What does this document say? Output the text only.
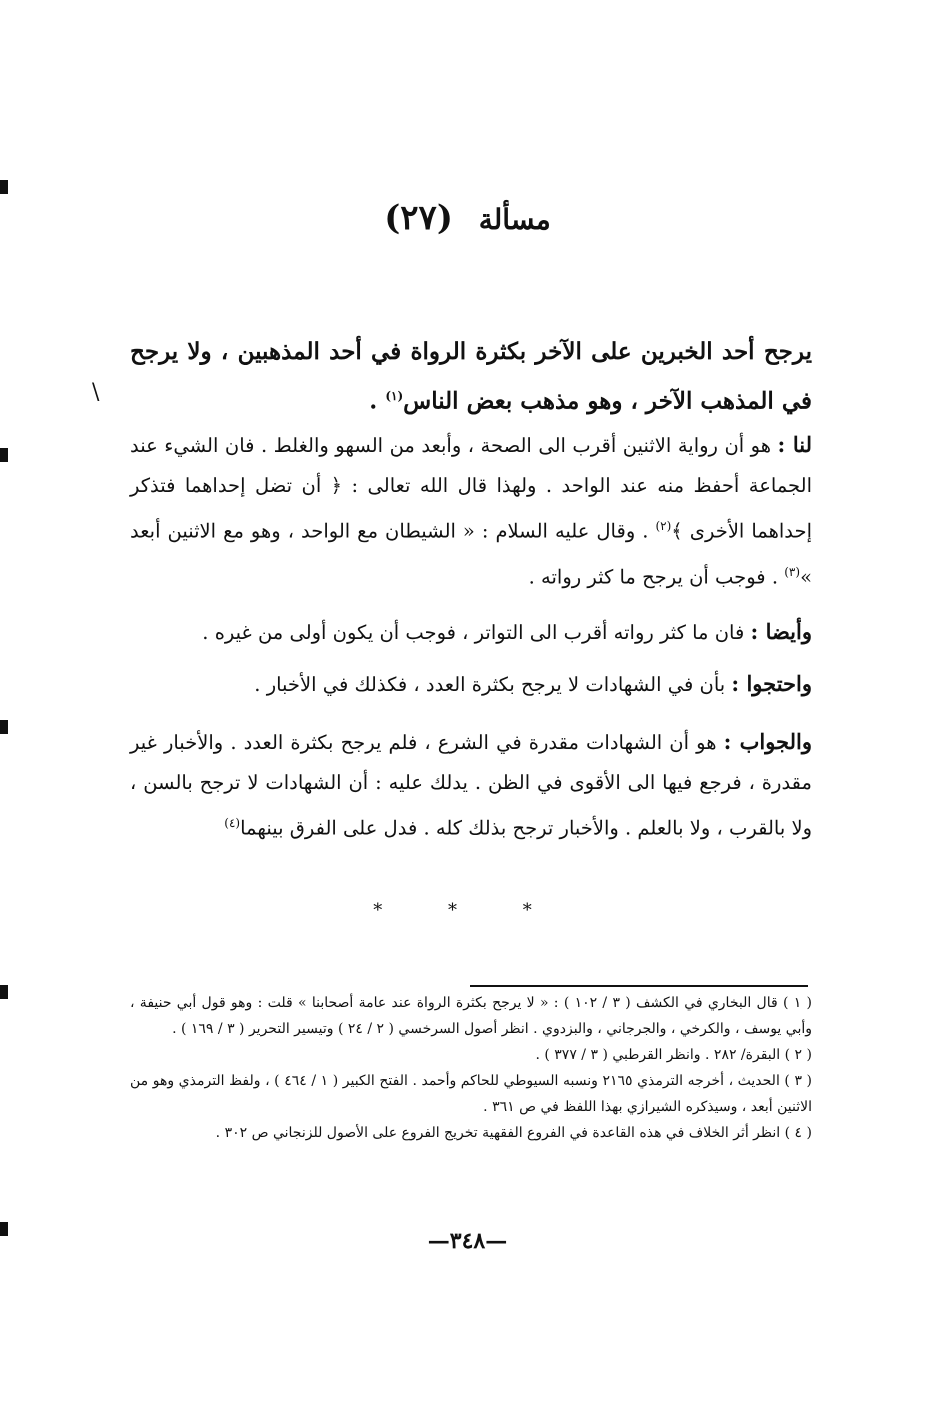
\
مسألة (٢٧)
يرجح أحد الخبرين على الآخر بكثرة الرواة في أحد المذهبين ، ولا يرجح في المذهب الآخر ، وهو مذهب بعض الناس$^{(١)}$ .
لنا : هو أن رواية الاثنين أقرب الى الصحة ، وأبعد من السهو والغلط . فان الشيء عند الجماعة أحفظ منه عند الواحد . ولهذا قال الله تعالى : ﴿ أن تضل إحداهما فتذكر إحداهما الأخرى ﴾$^{(٢)}$ . وقال عليه السلام : « الشيطان مع الواحد ، وهو مع الاثنين أبعد »$^{(٣)}$ . فوجب أن يرجح ما كثر رواته .
وأيضا : فان ما كثر رواته أقرب الى التواتر ، فوجب أن يكون أولى من غيره .
واحتجوا : بأن في الشهادات لا يرجح بكثرة العدد ، فكذلك في الأخبار .
والجواب : هو أن الشهادات مقدرة في الشرع ، فلم يرجح بكثرة العدد . والأخبار غير مقدرة ، فرجع فيها الى الأقوى في الظن . يدلك عليه : أن الشهادات لا ترجح بالسن ، ولا بالقرب ، ولا بالعلم . والأخبار ترجح بذلك كله . فدل على الفرق بينهما$^{(٤)}$
* * *

( ١ ) قال البخاري في الكشف ( ٣ / ١٠٢ ) : « لا يرجح بكثرة الرواة عند عامة أصحابنا » قلت : وهو قول أبي حنيفة ، وأبي يوسف ، والكرخي ، والجرجاني ، والبزدوي . انظر أصول السرخسي ( ٢ / ٢٤ ) وتيسير التحرير ( ٣ / ١٦٩ ) .

( ٢ ) البقرة/ ٢٨٢ . وانظر القرطبي ( ٣ / ٣٧٧ ) .

( ٣ ) الحديث ، أخرجه الترمذي ٢١٦٥ ونسبه السيوطي للحاكم وأحمد . الفتح الكبير ( ١ / ٤٦٤ ) ، ولفظ الترمذي وهو من الاثنين أبعد ، وسيذكره الشيرازي بهذا اللفظ في ص ٣٦١ .

( ٤ ) انظر أثر الخلاف في هذه القاعدة في الفروع الفقهية تخريج الفروع على الأصول للزنجاني ص ٣٠٢ .

—٣٤٨—
